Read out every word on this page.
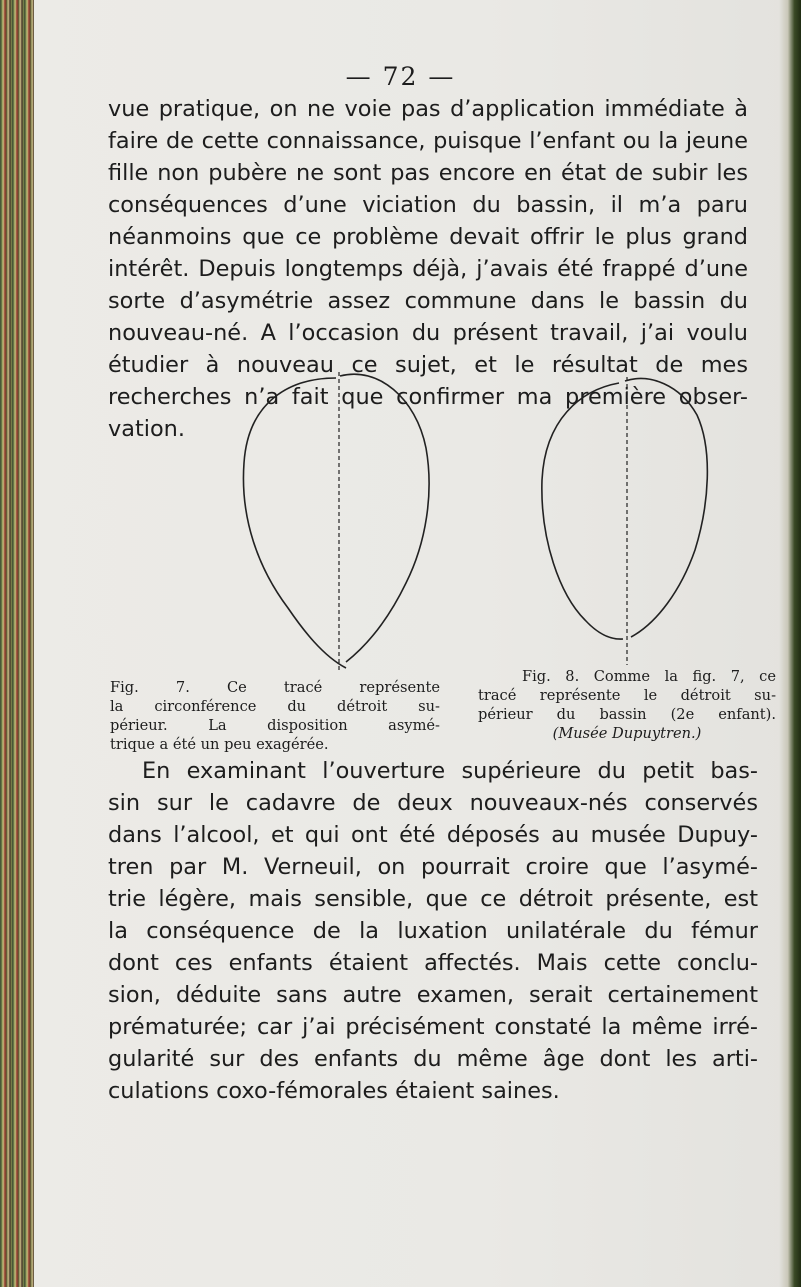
— 72 —

vue pratique, on ne voie pas d’application immédiate à
faire de cette connaissance, puisque l’enfant ou la jeune
fille non pubère ne sont pas encore en état de subir les
conséquences d’une viciation du bassin, il m’a paru
néanmoins que ce problème devait offrir le plus grand
intérêt. Depuis longtemps déjà, j’avais été frappé d’une
sorte d’asymétrie assez commune dans le bassin du
nouveau-né. A l’occasion du présent travail, j’ai voulu
étudier à nouveau ce sujet, et le résultat de mes
recherches n’a fait que confirmer ma première obser-
vation.

Fig. 7. Ce tracé représente
la circonférence du détroit su-
périeur. La disposition asymé-
trique a été un peu exagérée.

Fig. 8. Comme la fig. 7, ce
tracé représente le détroit su-
périeur du bassin (2e enfant).
(Musée Dupuytren.)

En examinant l’ouverture supérieure du petit bas-
sin sur le cadavre de deux nouveaux-nés conservés
dans l’alcool, et qui ont été déposés au musée Dupuy-
tren par M. Verneuil, on pourrait croire que l’asymé-
trie légère, mais sensible, que ce détroit présente, est
la conséquence de la luxation unilatérale du fémur
dont ces enfants étaient affectés. Mais cette conclu-
sion, déduite sans autre examen, serait certainement
prématurée; car j’ai précisément constaté la même irré-
gularité sur des enfants du même âge dont les arti-
culations coxo-fémorales étaient saines.
